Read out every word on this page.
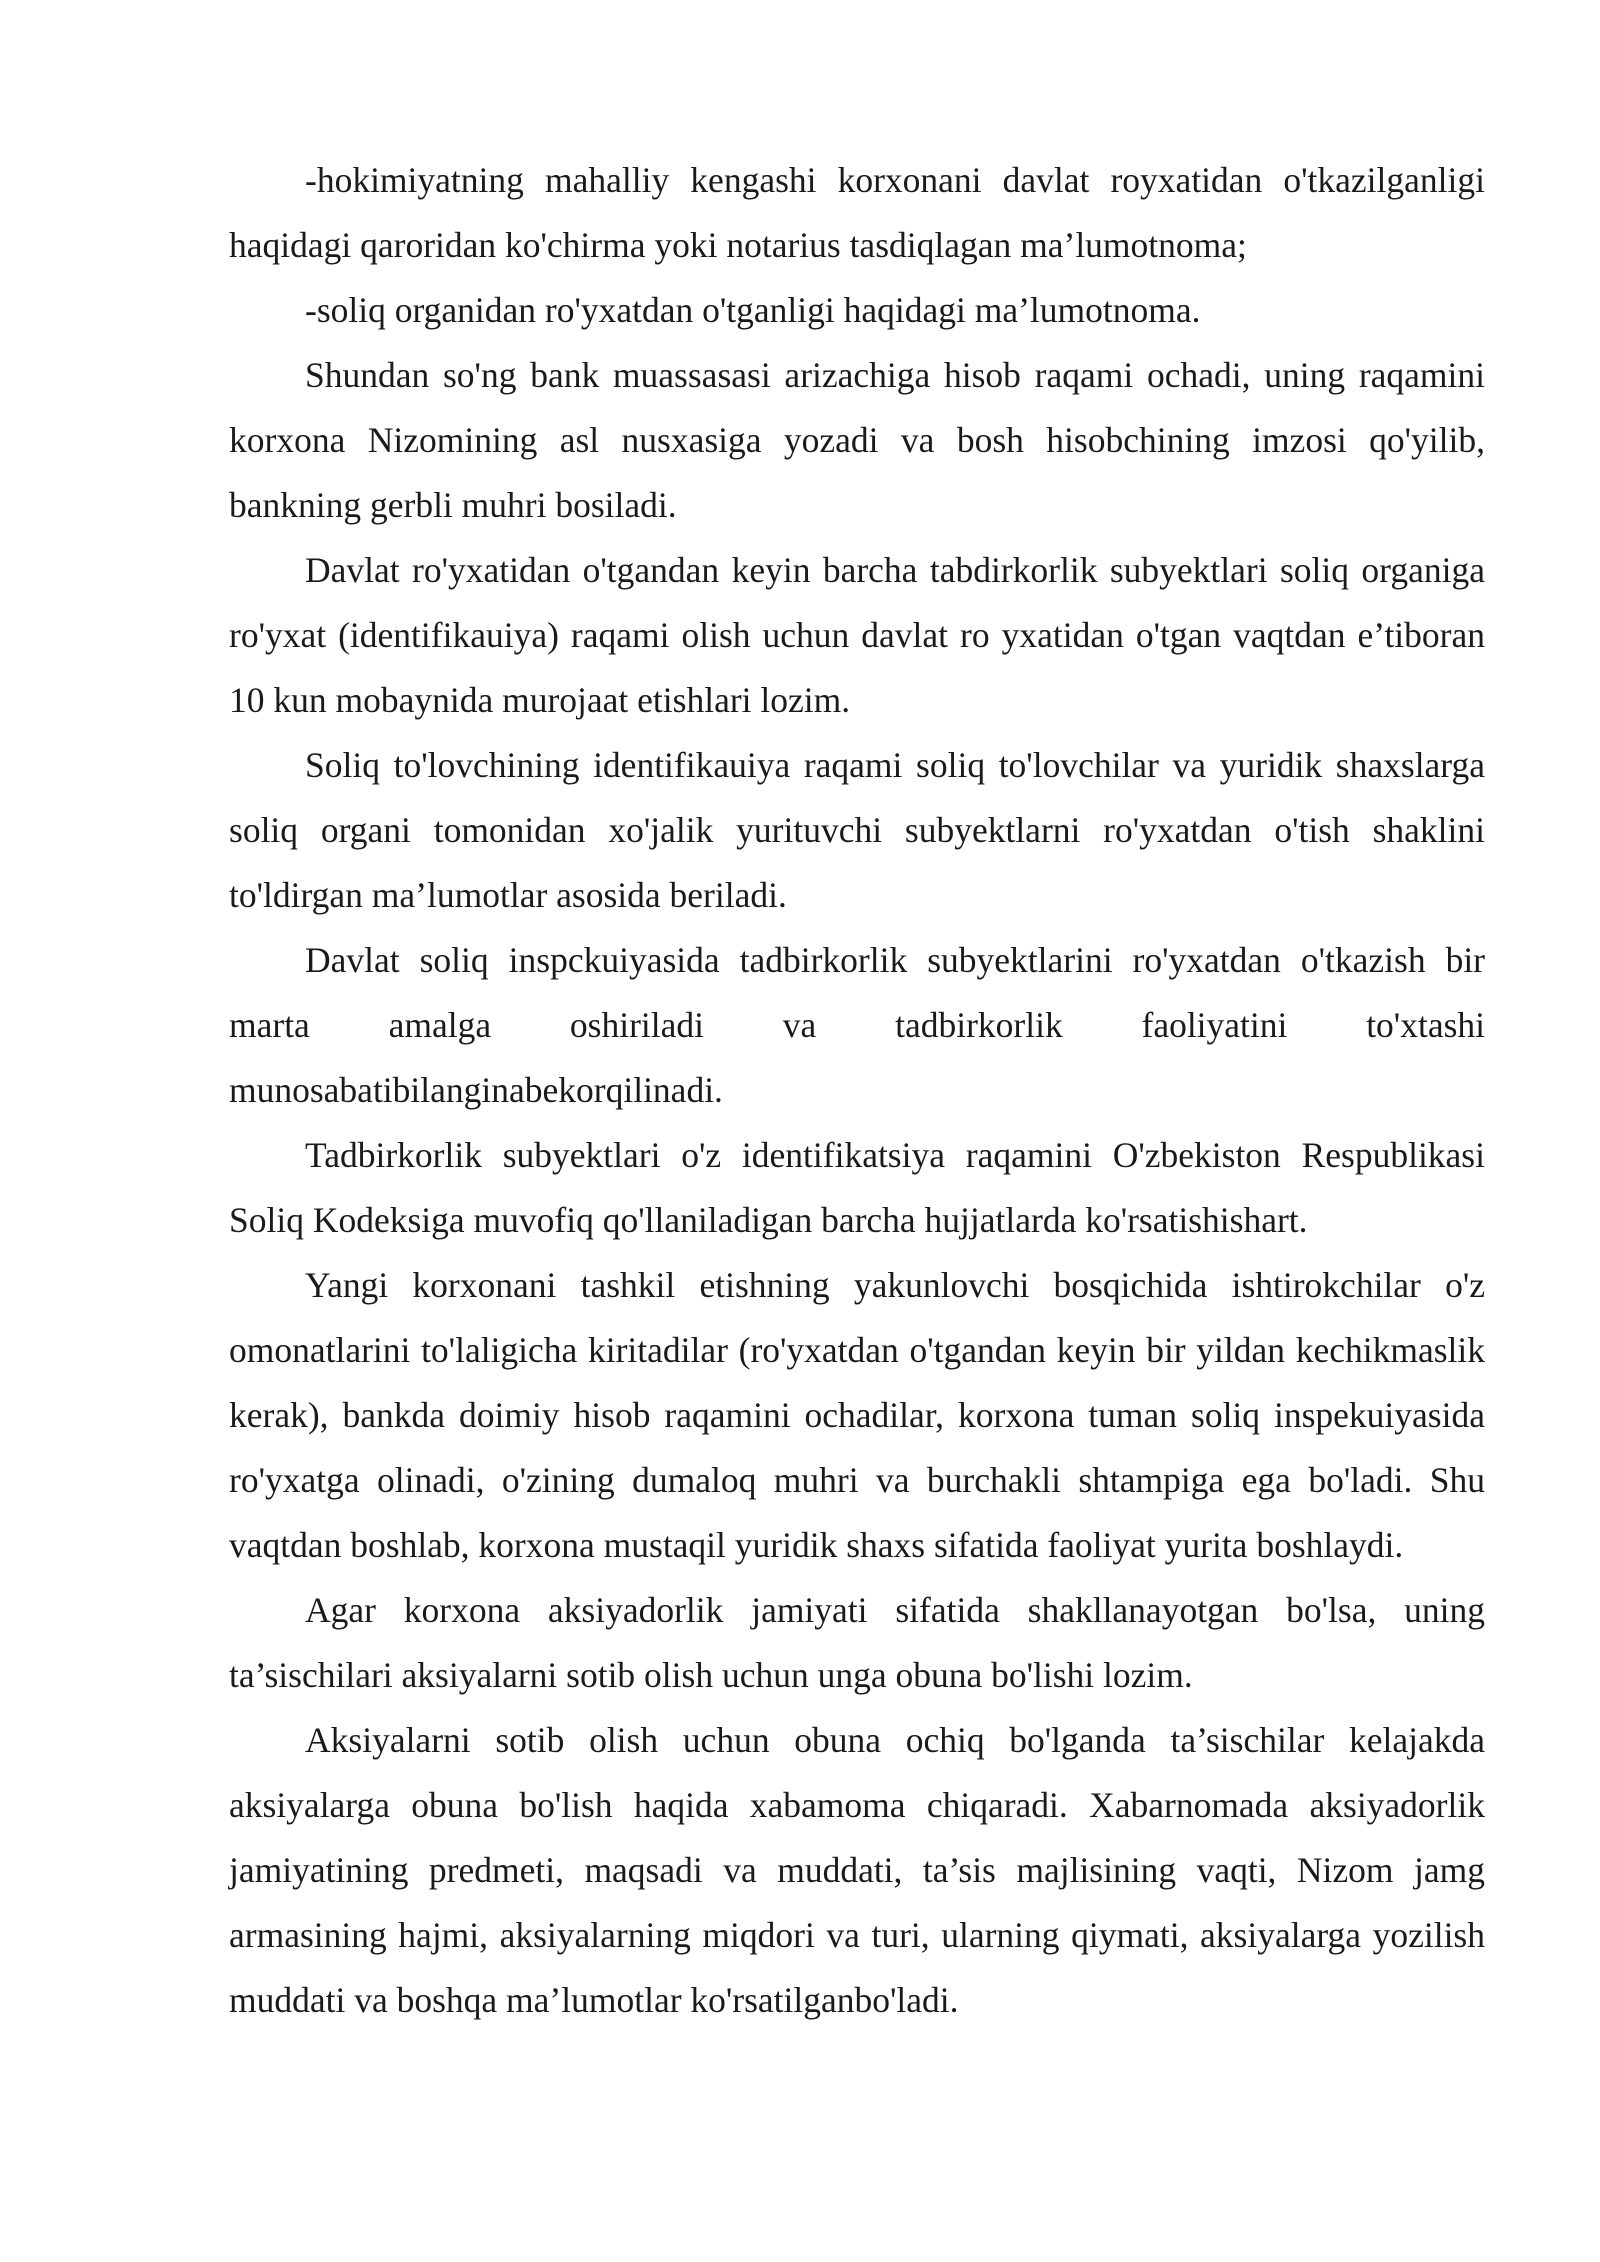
-hokimiyatning mahalliy kengashi korxonani davlat royxatidan o'tkazilganligi haqidagi qaroridan ko'chirma yoki notarius tasdiqlagan ma’lumotnoma;

-soliq organidan ro'yxatdan o'tganligi haqidagi ma’lumotnoma.

Shundan so'ng bank muassasasi arizachiga hisob raqami ochadi, uning raqamini korxona Nizomining asl nusxasiga yozadi va bosh hisobchining imzosi qo'yilib, bankning gerbli muhri bosiladi.

Davlat ro'yxatidan o'tgandan keyin barcha tabdirkorlik subyektlari soliq organiga ro'yxat (identifikauiya) raqami olish uchun davlat ro yxatidan o'tgan vaqtdan e’tiboran 10 kun mobaynida murojaat etishlari lozim.

Soliq to'lovchining identifikauiya raqami soliq to'lovchilar va yuridik shaxslarga soliq organi tomonidan xo'jalik yurituvchi subyektlarni ro'yxatdan o'tish shaklini to'ldirgan ma’lumotlar asosida beriladi.

Davlat soliq inspckuiyasida tadbirkorlik subyektlarini ro'yxatdan o'tkazish bir marta amalga oshiriladi va tadbirkorlik faoliyatini to'xtashi munosabatibilanginabekorqilinadi.

Tadbirkorlik subyektlari o'z identifikatsiya raqamini O'zbekiston Respublikasi Soliq Kodeksiga muvofiq qo'llaniladigan barcha hujjatlarda ko'rsatishishart.

Yangi korxonani tashkil etishning yakunlovchi bosqichida ishtirokchilar o'z omonatlarini to'laligicha kiritadilar (ro'yxatdan o'tgandan keyin bir yildan kechikmaslik kerak), bankda doimiy hisob raqamini ochadilar, korxona tuman soliq inspekuiyasida ro'yxatga olinadi, o'zining dumaloq muhri va burchakli shtampiga ega bo'ladi. Shu vaqtdan boshlab, korxona mustaqil yuridik shaxs sifatida faoliyat yurita boshlaydi.

Agar korxona aksiyadorlik jamiyati sifatida shakllanayotgan bo'lsa, uning ta’sischilari aksiyalarni sotib olish uchun unga obuna bo'lishi lozim.

Aksiyalarni sotib olish uchun obuna ochiq bo'lganda ta’sischilar kelajakda aksiyalarga obuna bo'lish haqida xabamoma chiqaradi. Xabarnomada aksiyadorlik jamiyatining predmeti, maqsadi va muddati, ta’sis majlisining vaqti, Nizom jamg armasining hajmi, aksiyalarning miqdori va turi, ularning qiymati, aksiyalarga yozilish muddati va boshqa ma’lumotlar ko'rsatilganbo'ladi.
